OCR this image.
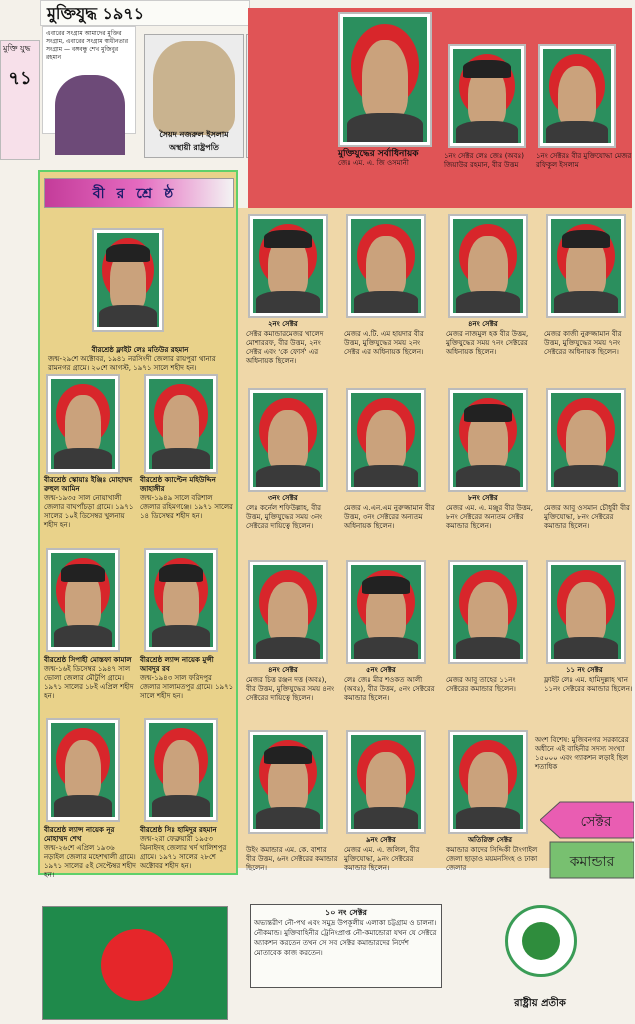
মুক্তিযুদ্ধ ১৯৭১
মুক্তি যুদ্ধ
৭১
এবারের সংগ্রাম আমাদের মুক্তির সংগ্রাম, এবারের সংগ্রাম স্বাধীনতার সংগ্রাম — বঙ্গবন্ধু শেখ মুজিবুর রহমান
সৈয়দ নজরুল ইসলাম
অস্থায়ী রাষ্ট্রপতি

মুক্তিযুদ্ধের সর্বাধিনায়ক
জেঃ এম. এ. জি ওসমানী
১নং সেক্টর লেঃ জেঃ (অবঃ) জিয়াউর রহমান, বীর উত্তম
১নং সেক্টরঃ বীর মুক্তিযোদ্ধা মেজর রফিকুল ইসলাম
বীরশ্রেষ্ঠ
বীরশ্রেষ্ঠ ফ্লাইট লেঃ মতিউর রহমান
জন্ম-২৯শে অক্টোবর, ১৯৪১ নরসিংদী জেলার রায়পুরা থানার রামনগর গ্রামে। ২০শে আগস্ট, ১৯৭১ সালে শহীদ হন।
বীরশ্রেষ্ঠ স্কোয়াঃ ইঞ্জিঃ মোহাম্মদ রুহুল আমিন
জন্ম-১৯৩৫ সাল নোয়াখালী জেলার বাঘপাঁচড়া গ্রামে। ১৯৭১ সালের ১০ই ডিসেম্বর খুলনায় শহীদ হন।
বীরশ্রেষ্ঠ ক্যাপ্টেন মহিউদ্দিন জাহাঙ্গীর
জন্ম-১৯৪৯ সালে বরিশাল জেলার রহিমগঞ্জে। ১৯৭১ সালের ১৪ ডিসেম্বর শহীদ হন।
বীরশ্রেষ্ঠ সিপাহী মোস্তফা কামাল
জন্ম-১৬ই ডিসেম্বর ১৯৪৭ সাল ভোলা জেলার মৌটুপি গ্রামে। ১৯৭১ সালের ১৮ই এপ্রিল শহীদ হন।
বীরশ্রেষ্ঠ ল্যান্স নায়েক মুন্সী আবদুর রব
জন্ম-১৯৪৩ সাল ফরিদপুর জেলার সালামতপুর গ্রামে। ১৯৭১ সালে শহীদ হন।
বীরশ্রেষ্ঠ ল্যান্স নায়েক নূর মোহাম্মদ শেখ
জন্ম-২৬শে এপ্রিল ১৯৩৬ নড়াইল জেলার মহেশখালী গ্রামে। ১৯৭১ সালের ৫ই সেপ্টেম্বর শহীদ হন।
বীরশ্রেষ্ঠ সিঃ হামিদুর রহমান
জন্ম-২রা ফেব্রুয়ারী ১৯৫৩ ঝিনাইদহ জেলার খর্দ খালিশপুর গ্রামে। ১৯৭১ সালের ২৮শে অক্টোবর শহীদ হন।
২নং সেক্টর
সেক্টর কমান্ডারমেজর খালেদ মোশাররফ, বীর উত্তম, ২নং সেক্টর এবং 'কে ফোর্স' এর অধিনায়ক ছিলেন।
মেজর এ.টি. এম হায়দার বীর উত্তম, মুক্তিযুদ্ধের সময় ২নং সেক্টর এর অধিনায়ক ছিলেন।
৪নং সেক্টর
মেজর নাজমুল হক বীর উত্তম, মুক্তিযুদ্ধের সময় ৭নং সেক্টরের অধিনায়ক ছিলেন।
মেজর কাজী নুরুজ্জামান বীর উত্তম, মুক্তিযুদ্ধের সময় ৭নং সেক্টরের অধিনায়ক ছিলেন।
৩নং সেক্টর
লেঃ কর্নেল শফিউল্লাহ, বীর উত্তম, মুক্তিযুদ্ধের সময় ৩নং সেক্টরের দায়িত্বে ছিলেন।
মেজর এ.এন.এম নুরুজ্জামান বীর উত্তম, ৩নং সেক্টরের অন্যতম অধিনায়ক ছিলেন।
৮নং সেক্টর
মেজর এম. এ. মঞ্জুর বীর উত্তম, ৮নং সেক্টরের অন্যতম সেক্টর কমান্ডার ছিলেন।
মেজর আবু ওসমান চৌধুরী বীর মুক্তিযোদ্ধা, ৮নং সেক্টরের কমান্ডার ছিলেন।
৪নং সেক্টর
মেজর চিত্ত রঞ্জন দত্ত (অবঃ), বীর উত্তম, মুক্তিযুদ্ধের সময় ৪নং সেক্টরের দায়িত্বে ছিলেন।
৫নং সেক্টর
লেঃ জেঃ মীর শওকত আলী (অবঃ), বীর উত্তম, ৫নং সেক্টরের কমান্ডার ছিলেন।
মেজর আবু তাহের ১১নং সেক্টরের কমান্ডার ছিলেন।
১১ নং সেক্টর
ফ্লাইট লেঃ এম. হামিদুল্লাহ খান ১১নং সেক্টরের কমান্ডার ছিলেন।
উইং কমান্ডার এম. কে. বাশার বীর উত্তম, ৬নং সেক্টরের কমান্ডার ছিলেন।
৯নং সেক্টর
মেজর এম. এ. জলিল, বীর মুক্তিযোদ্ধা, ৯নং সেক্টরের কমান্ডার ছিলেন।
অতিরিক্ত সেক্টর
কমান্ডার কাদের সিদ্দিকী টাংগাইল জেলা ছাড়াও ময়মনসিংহ ও ঢাকা জেলার
অংশ বিশেষ: মুজিবনগর সরকারের অধীনে এই বাহিনীর সদস্য সংখ্যা ১৫০০০ এবং গ্যাকশন লড়াই ছিল শতাধিক
সেক্টর
কমান্ডার
১০ নং সেক্টর
অভ্যন্তরীণ নৌ-পথ এবং সমুদ্র উপকূলীয় এলাকা চট্টগ্রাম ও চালনা। নৌকমান্ড। মুক্তিবাহিনীর ট্রেনিংপ্রাপ্ত নৌ-কমান্ডোরা যখন যে সেক্টরে অ্যাকশন করতেন তখন সে সব সেক্টর কমান্ডারদের নির্দেশ মোতাবেক কাজ করতেন।
রাষ্ট্রীয় প্রতীক
